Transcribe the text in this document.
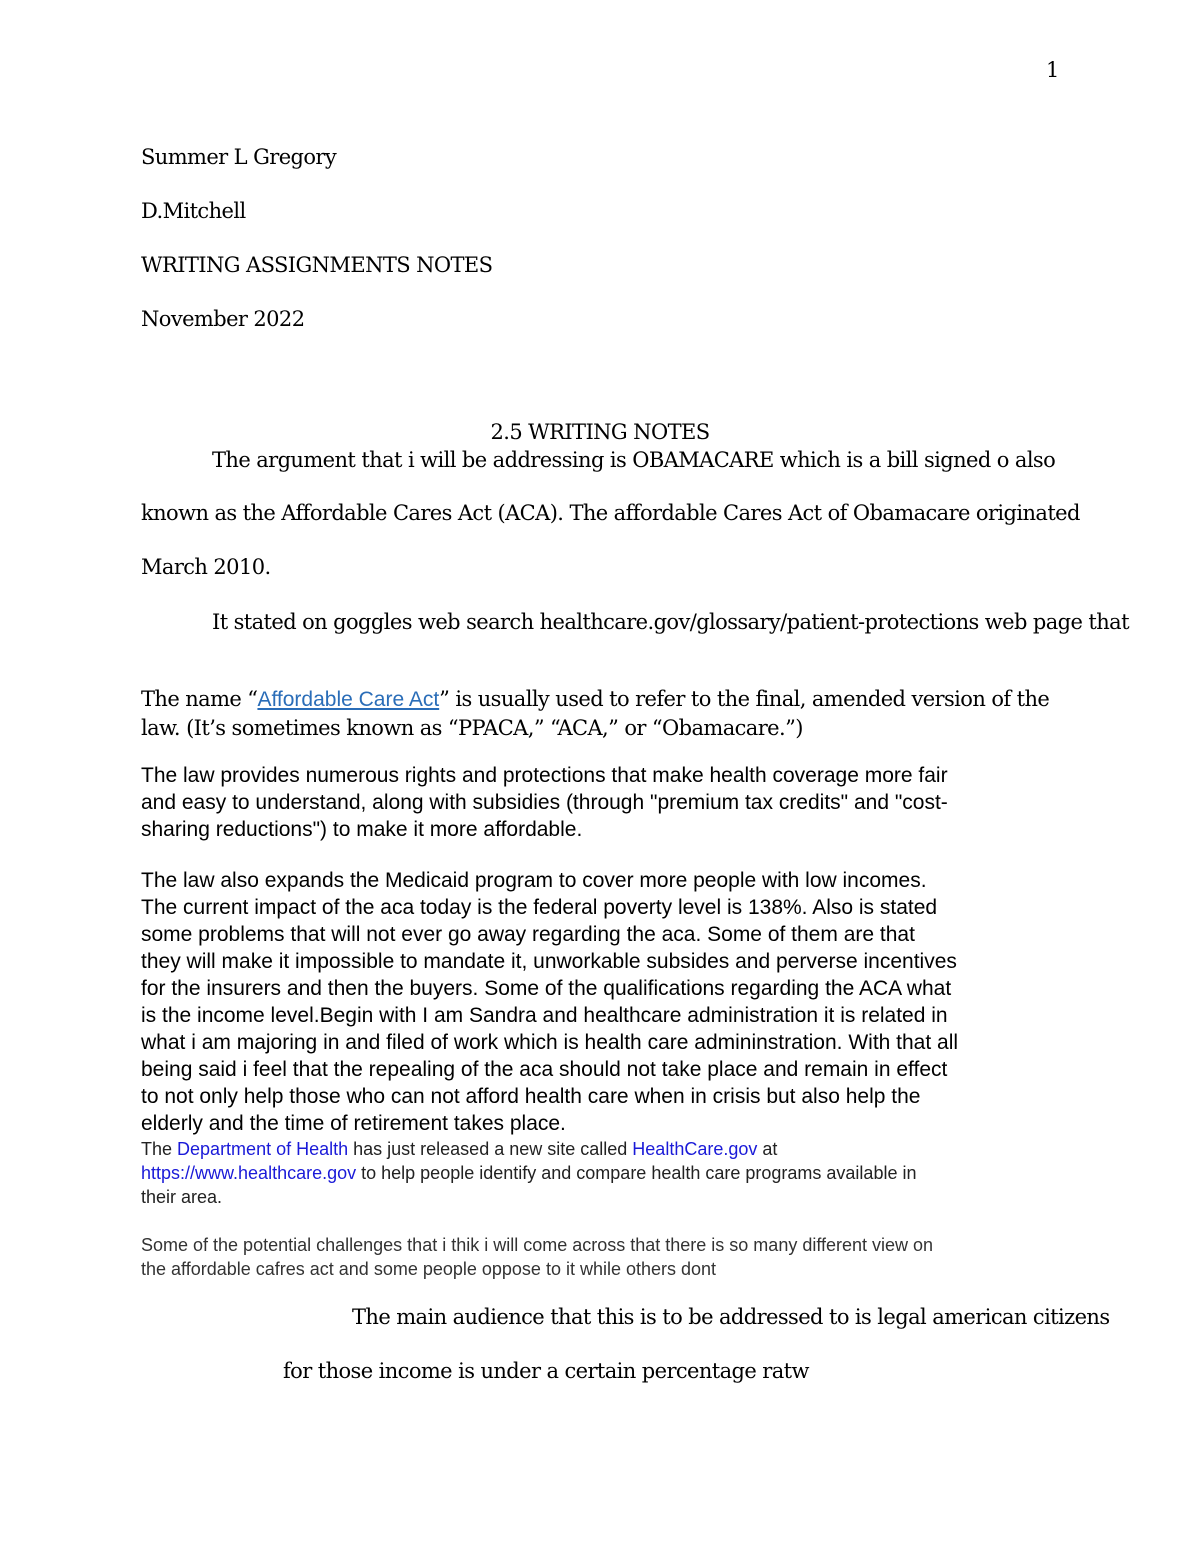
1
Summer L Gregory
D.Mitchell
WRITING ASSIGNMENTS NOTES
November 2022
2.5 WRITING NOTES
The argument that i will be addressing is OBAMACARE which is a bill signed o also
known as the Affordable Cares Act (ACA). The affordable Cares Act of Obamacare originated
March 2010.
It stated on goggles web search healthcare.gov/glossary/patient-protections web page that
The name “Affordable Care Act” is usually used to refer to the final, amended version of the
law. (It’s sometimes known as “PPACA,” “ACA,” or “Obamacare.”)
The law provides numerous rights and protections that make health coverage more fair
and easy to understand, along with subsidies (through "premium tax credits" and "cost-
sharing reductions") to make it more affordable.
The law also expands the Medicaid program to cover more people with low incomes.
The current impact of the aca today is the federal poverty level is 138%. Also is stated
some problems that will not ever go away regarding the aca. Some of them are that
they will make it impossible to mandate it, unworkable subsides and perverse incentives
for the insurers and then the buyers. Some of the qualifications regarding the ACA what
is the income level.Begin with I am Sandra and healthcare administration it is related in
what i am majoring in and filed of work which is health care admininstration. With that all
being said i feel that the repealing of the aca should not take place and remain in effect
to not only help those who can not afford health care when in crisis but also help the
elderly and the time of retirement takes place.
The Department of Health has just released a new site called HealthCare.gov at
https://www.healthcare.gov to help people identify and compare health care programs available in
their area.
Some of the potential challenges that i thik i will come across that there is so many different view on
the affordable cafres act and some people oppose to it while others dont
The main audience that this is to be addressed to is legal american citizens
for those income is under a certain percentage ratw
